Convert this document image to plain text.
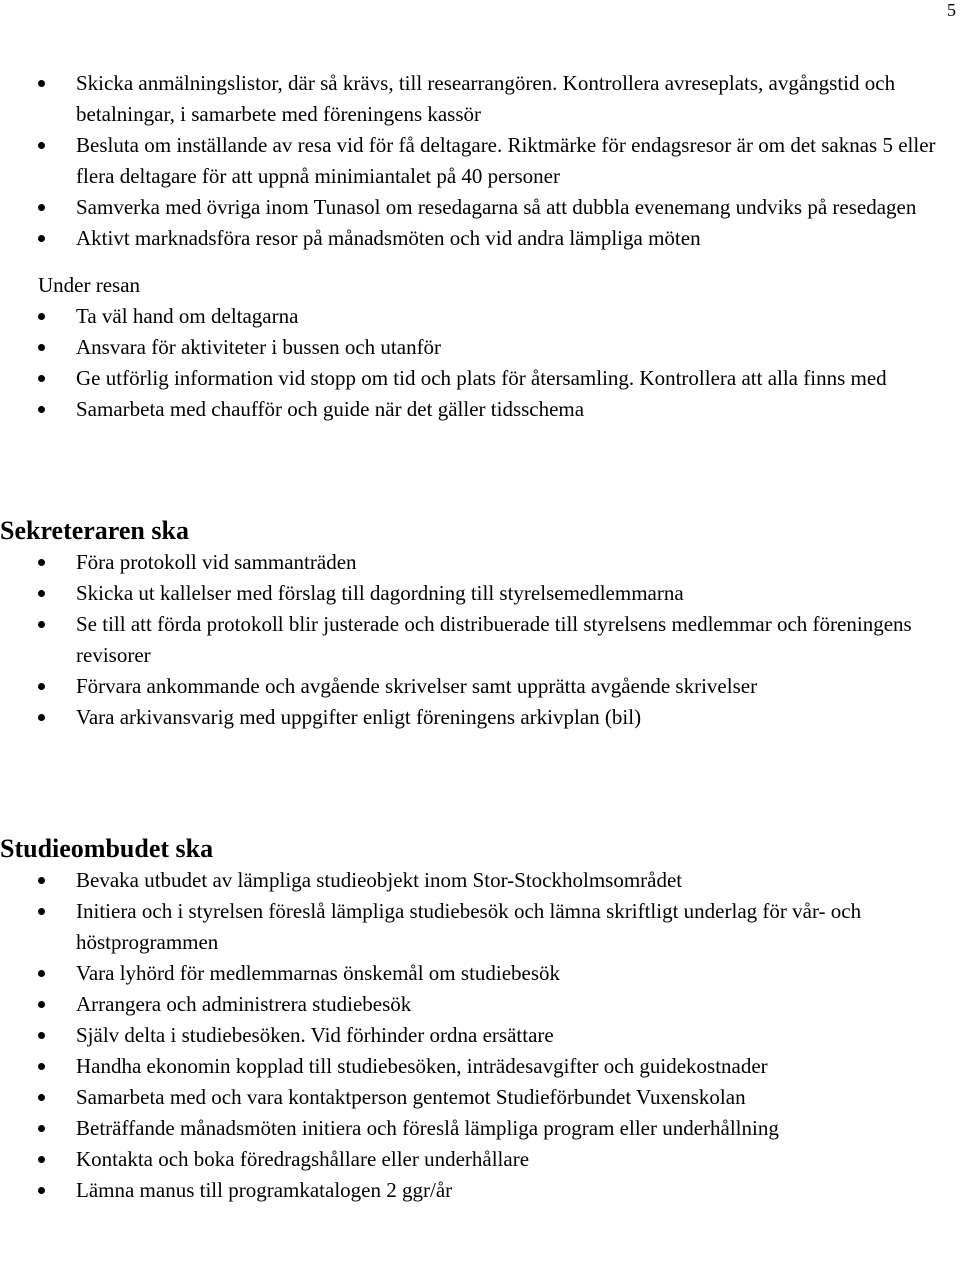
5
Skicka anmälningslistor, där så krävs, till researrangören. Kontrollera avreseplats, avgångstid och betalningar, i samarbete med föreningens kassör
Besluta om inställande av resa vid för få deltagare. Riktmärke för endagsresor är om det saknas 5 eller flera deltagare för att uppnå minimiantalet på 40 personer
Samverka med övriga inom Tunasol om resedagarna så att dubbla evenemang undviks på resedagen
Aktivt marknadsföra resor på månadsmöten och vid andra lämpliga möten
Under resan
Ta väl hand om deltagarna
Ansvara för aktiviteter i bussen och utanför
Ge utförlig information vid stopp om tid och plats för återsamling. Kontrollera att alla finns med
Samarbeta med chaufför och guide när det gäller tidsschema
Sekreteraren ska
Föra protokoll vid sammanträden
Skicka ut kallelser med förslag till dagordning till styrelsemedlemmarna
Se till att förda protokoll blir justerade och distribuerade till styrelsens medlemmar och föreningens revisorer
Förvara ankommande och avgående skrivelser samt upprätta avgående skrivelser
Vara arkivansvarig med uppgifter enligt föreningens arkivplan (bil)
Studieombudet ska
Bevaka utbudet av lämpliga studieobjekt inom Stor-Stockholmsområdet
Initiera och i styrelsen föreslå lämpliga studiebesök och lämna skriftligt underlag för vår- och höstprogrammen
Vara lyhörd för medlemmarnas önskemål om studiebesök
Arrangera och administrera studiebesök
Själv delta i studiebesöken. Vid förhinder ordna ersättare
Handha ekonomin kopplad till studiebesöken, inträdesavgifter och guidekostnader
Samarbeta med och vara kontaktperson gentemot Studieförbundet Vuxenskolan
Beträffande månadsmöten initiera och föreslå lämpliga program eller underhållning
Kontakta och boka föredragshållare eller underhållare
Lämna manus till programkatalogen 2 ggr/år
